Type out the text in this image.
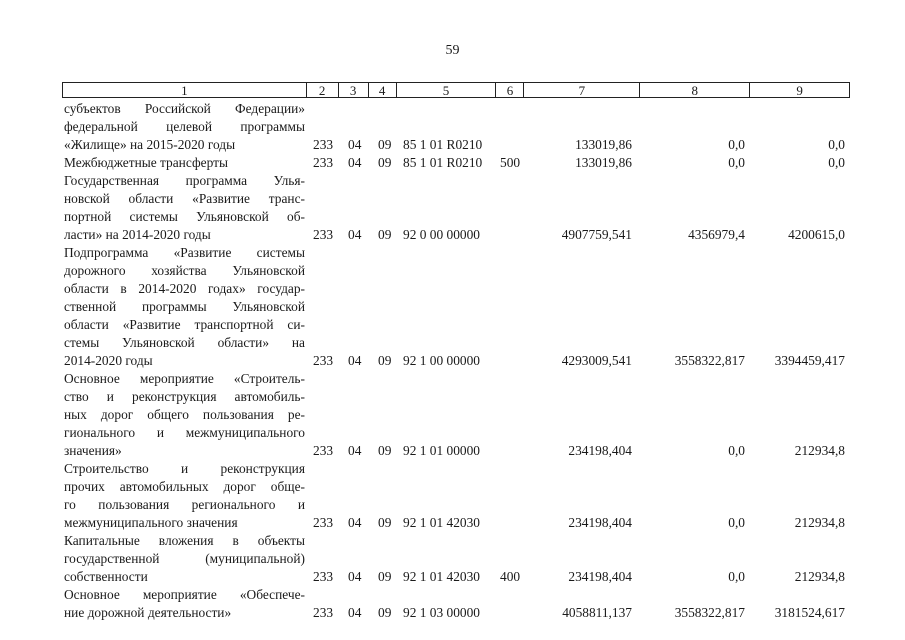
59
1	2	3	4	5	6	7	8	9
субъектов Российской Федерации»
федеральной целевой программы
«Жилище» на 2015-2020 годы	233 04 09 85 1 01 R0210	133019,86	0,0	0,0
Межбюджетные трансферты	233 04 09 85 1 01 R0210 500	133019,86	0,0	0,0
Государственная программа Улья-
новской области «Развитие транс-
портной системы Ульяновской об-
ласти» на 2014-2020 годы	233 04 09 92 0 00 00000	4907759,541	4356979,4	4200615,0
Подпрограмма «Развитие системы
дорожного хозяйства Ульяновской
области в 2014-2020 годах» государ-
ственной программы Ульяновской
области «Развитие транспортной си-
стемы Ульяновской области» на
2014-2020 годы	233 04 09 92 1 00 00000	4293009,541	3558322,817 3394459,417
Основное мероприятие «Строитель-
ство и реконструкция автомобиль-
ных дорог общего пользования ре-
гионального и межмуниципального
значения»	233 04 09 92 1 01 00000	234198,404	0,0	212934,8
Строительство и реконструкция
прочих автомобильных дорог обще-
го пользования регионального и
межмуниципального значения	233 04 09 92 1 01 42030	234198,404	0,0	212934,8
Капитальные вложения в объекты
государственной (муниципальной)
собственности	233 04 09 92 1 01 42030 400	234198,404	0,0	212934,8
Основное мероприятие «Обеспече-
ние дорожной деятельности»	233 04 09 92 1 03 00000	4058811,137	3558322,817 3181524,617
